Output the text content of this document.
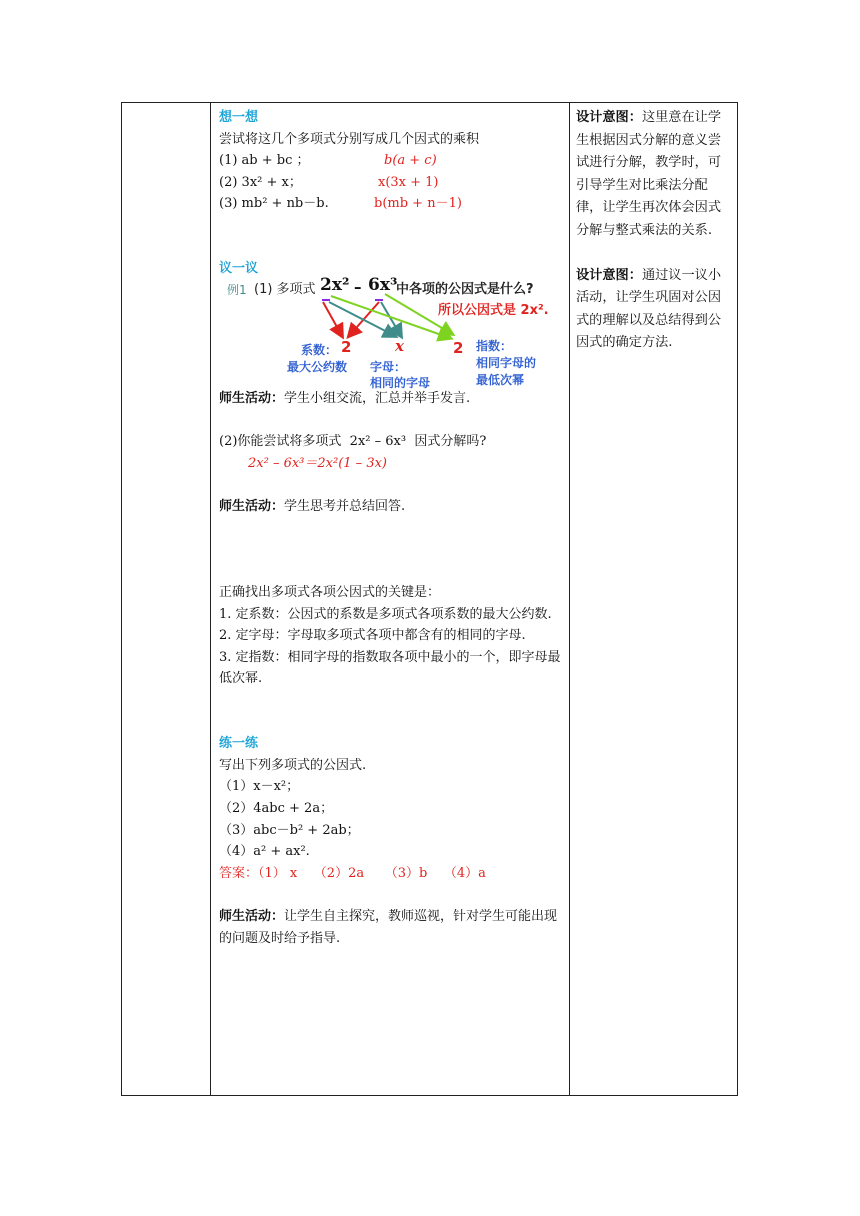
想一想
尝试将这几个多项式分别写成几个因式的乘积
(1) ab + bc ；	b(a + c)
(2) 3x² + x；	x(3x + 1)
(3) mb² + nb－b.	b(mb + n－1)
议一议
例1 (1) 多项式 2x² – 6x³
中各项的公因式是什么?
所以公因式是 2x².
2
系数：
最大公约数
x
字母：
相同的字母
2 指数：
相同字母的
最低次幂
师生活动：学生小组交流，汇总并举手发言.
(2)你能尝试将多项式  2x² – 6x³  因式分解吗?
2x² – 6x³＝2x²(1 – 3x)
师生活动：学生思考并总结回答.
正确找出多项式各项公因式的关键是：
1. 定系数：公因式的系数是多项式各项系数的最大公约数.
2. 定字母：字母取多项式各项中都含有的相同的字母.
3. 定指数：相同字母的指数取各项中最小的一个，即字母最低次幂.
练一练
写出下列多项式的公因式.
（1）x－x²；
（2）4abc + 2a；
（3）abc－b² + 2ab；
（4）a² + ax².
答案：（1） x （2）2a （3）b （4）a
师生活动：让学生自主探究，教师巡视，针对学生可能出现的问题及时给予指导.
设计意图：这里意在让学生根据因式分解的意义尝试进行分解，教学时，可引导学生对比乘法分配律，让学生再次体会因式分解与整式乘法的关系.
设计意图：通过议一议小活动，让学生巩固对公因式的理解以及总结得到公因式的确定方法.
